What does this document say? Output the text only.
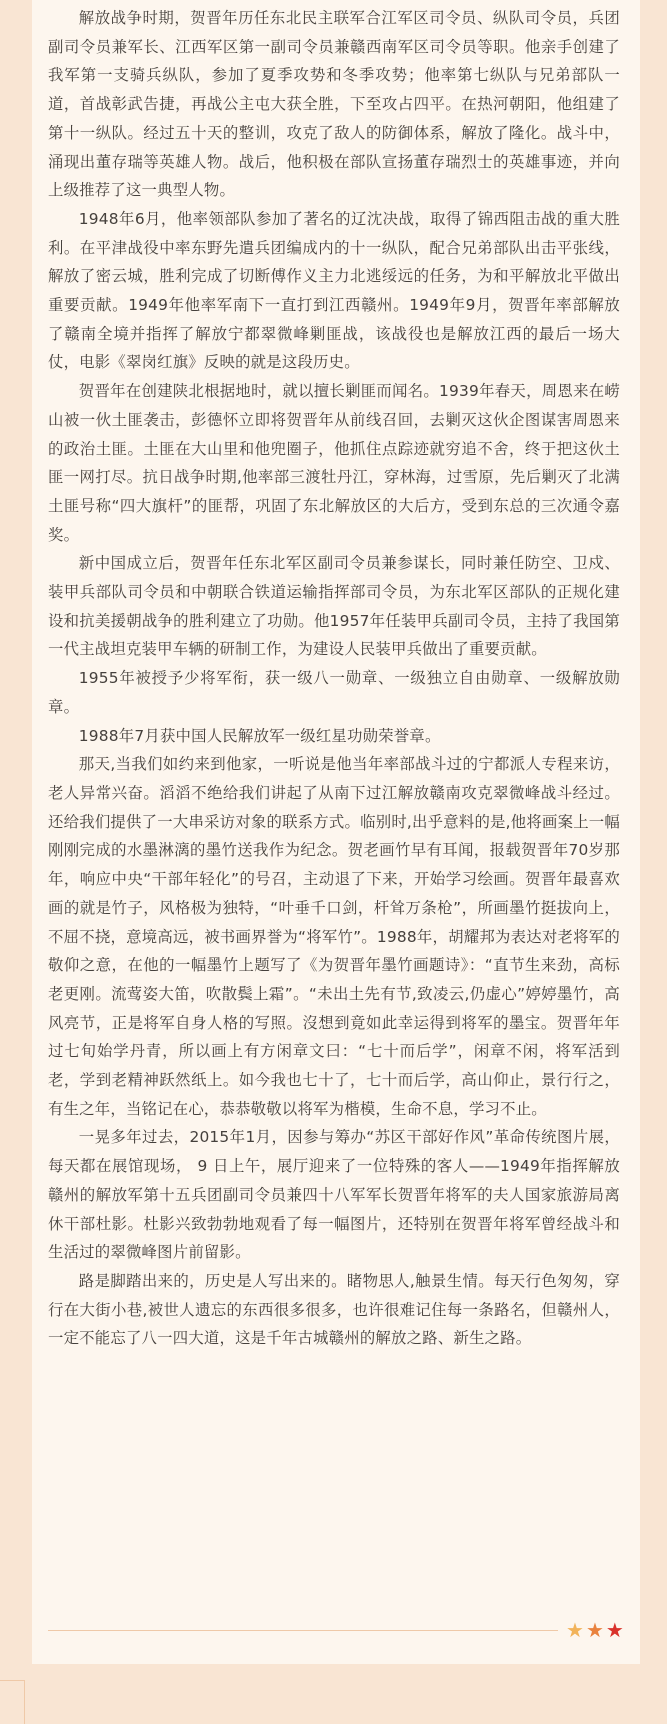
解放战争时期，贺晋年历任东北民主联军合江军区司令员、纵队司令员，兵团副司令员兼军长、江西军区第一副司令员兼赣西南军区司令员等职。他亲手创建了我军第一支骑兵纵队，参加了夏季攻势和冬季攻势；他率第七纵队与兄弟部队一道，首战彰武告捷，再战公主屯大获全胜，下至攻占四平。在热河朝阳，他组建了第十一纵队。经过五十天的整训，攻克了敌人的防御体系，解放了隆化。战斗中，涌现出董存瑞等英雄人物。战后，他积极在部队宣扬董存瑞烈士的英雄事迹，并向上级推荐了这一典型人物。

1948年6月，他率领部队参加了著名的辽沈决战，取得了锦西阻击战的重大胜利。在平津战役中率东野先遣兵团编成内的十一纵队，配合兄弟部队出击平张线，解放了密云城，胜利完成了切断傅作义主力北逃绥远的任务，为和平解放北平做出重要贡献。1949年他率军南下一直打到江西赣州。1949年9月，贺晋年率部解放了赣南全境并指挥了解放宁都翠微峰剿匪战，该战役也是解放江西的最后一场大仗，电影《翠岗红旗》反映的就是这段历史。

贺晋年在创建陕北根据地时，就以擅长剿匪而闻名。1939年春天，周恩来在崂山被一伙土匪袭击，彭德怀立即将贺晋年从前线召回，去剿灭这伙企图谋害周恩来的政治土匪。土匪在大山里和他兜圈子，他抓住点踪迹就穷追不舍，终于把这伙土匪一网打尽。抗日战争时期,他率部三渡牡丹江，穿林海，过雪原，先后剿灭了北满土匪号称“四大旗杆”的匪帮，巩固了东北解放区的大后方，受到东总的三次通令嘉奖。

新中国成立后，贺晋年任东北军区副司令员兼参谋长，同时兼任防空、卫戍、装甲兵部队司令员和中朝联合铁道运输指挥部司令员，为东北军区部队的正规化建设和抗美援朝战争的胜利建立了功勋。他1957年任装甲兵副司令员，主持了我国第一代主战坦克装甲车辆的研制工作，为建设人民装甲兵做出了重要贡献。

1955年被授予少将军衔，获一级八一勋章、一级独立自由勋章、一级解放勋章。

1988年7月获中国人民解放军一级红星功勋荣誉章。

那天,当我们如约来到他家，一听说是他当年率部战斗过的宁都派人专程来访，老人异常兴奋。滔滔不绝给我们讲起了从南下过江解放赣南攻克翠微峰战斗经过。还给我们提供了一大串采访对象的联系方式。临别时,出乎意料的是,他将画案上一幅刚刚完成的水墨淋漓的墨竹送我作为纪念。贺老画竹早有耳闻，报载贺晋年70岁那年，响应中央“干部年轻化”的号召，主动退了下来，开始学习绘画。贺晋年最喜欢画的就是竹子，风格极为独特，“叶垂千口剑，杆耸万条枪”，所画墨竹挺拔向上，不屈不挠，意境高远，被书画界誉为“将军竹”。1988年，胡耀邦为表达对老将军的敬仰之意，在他的一幅墨竹上题写了《为贺晋年墨竹画题诗》：“直节生来劲，高标老更刚。流莺姿大笛，吹散鬓上霜”。“未出土先有节,致凌云,仍虚心”婷婷墨竹，高风亮节，正是将军自身人格的写照。沒想到竟如此幸运得到将军的墨宝。贺晋年年过七旬始学丹青，所以画上有方闲章文曰：“七十而后学”，闲章不闲，将军活到老，学到老精神跃然纸上。如今我也七十了，七十而后学，高山仰止，景行行之，有生之年，当铭记在心，恭恭敬敬以将军为楷模，生命不息，学习不止。

一晃多年过去，2015年1月，因参与筹办“苏区干部好作风”革命传统图片展，每天都在展馆现场， 9 日上午，展厅迎来了一位特殊的客人——1949年指挥解放赣州的解放军第十五兵团副司令员兼四十八军军长贺晋年将军的夫人国家旅游局离休干部杜影。杜影兴致勃勃地观看了每一幅图片，还特别在贺晋年将军曾经战斗和生活过的翠微峰图片前留影。

路是脚踏出来的，历史是人写出来的。睹物思人,触景生情。每天行色匆匆，穿行在大街小巷,被世人遗忘的东西很多很多，也许很难记住每一条路名，但赣州人，一定不能忘了八一四大道，这是千年古城赣州的解放之路、新生之路。

★ ★ ★
